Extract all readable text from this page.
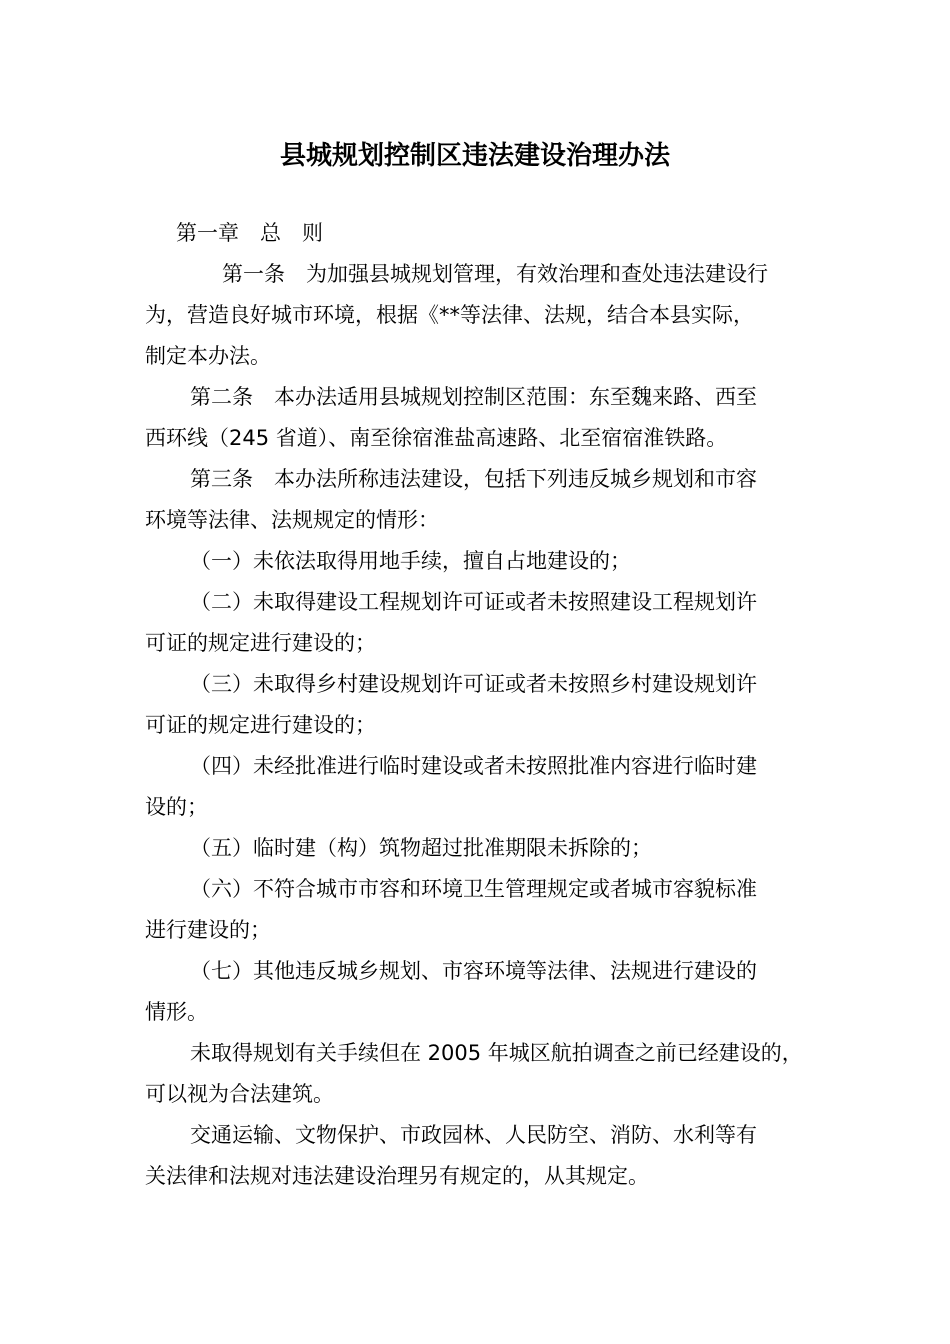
县城规划控制区违法建设治理办法

第一章　总　则

　第一条　为加强县城规划管理，有效治理和查处违法建设行
为，营造良好城市环境，根据《**等法律、法规，结合本县实际，
制定本办法。

第二条　本办法适用县城规划控制区范围：东至魏来路、西至
西环线（245 省道）、南至徐宿淮盐高速路、北至宿宿淮铁路。

第三条　本办法所称违法建设，包括下列违反城乡规划和市容
环境等法律、法规规定的情形：

（一）未依法取得用地手续，擅自占地建设的；

（二）未取得建设工程规划许可证或者未按照建设工程规划许
可证的规定进行建设的；

（三）未取得乡村建设规划许可证或者未按照乡村建设规划许
可证的规定进行建设的；

（四）未经批准进行临时建设或者未按照批准内容进行临时建
设的；

（五）临时建（构）筑物超过批准期限未拆除的；

（六）不符合城市市容和环境卫生管理规定或者城市容貌标准
进行建设的；

（七）其他违反城乡规划、市容环境等法律、法规进行建设的
情形。

未取得规划有关手续但在 2005 年城区航拍调查之前已经建设的，
可以视为合法建筑。

交通运输、文物保护、市政园林、人民防空、消防、水利等有
关法律和法规对违法建设治理另有规定的，从其规定。
